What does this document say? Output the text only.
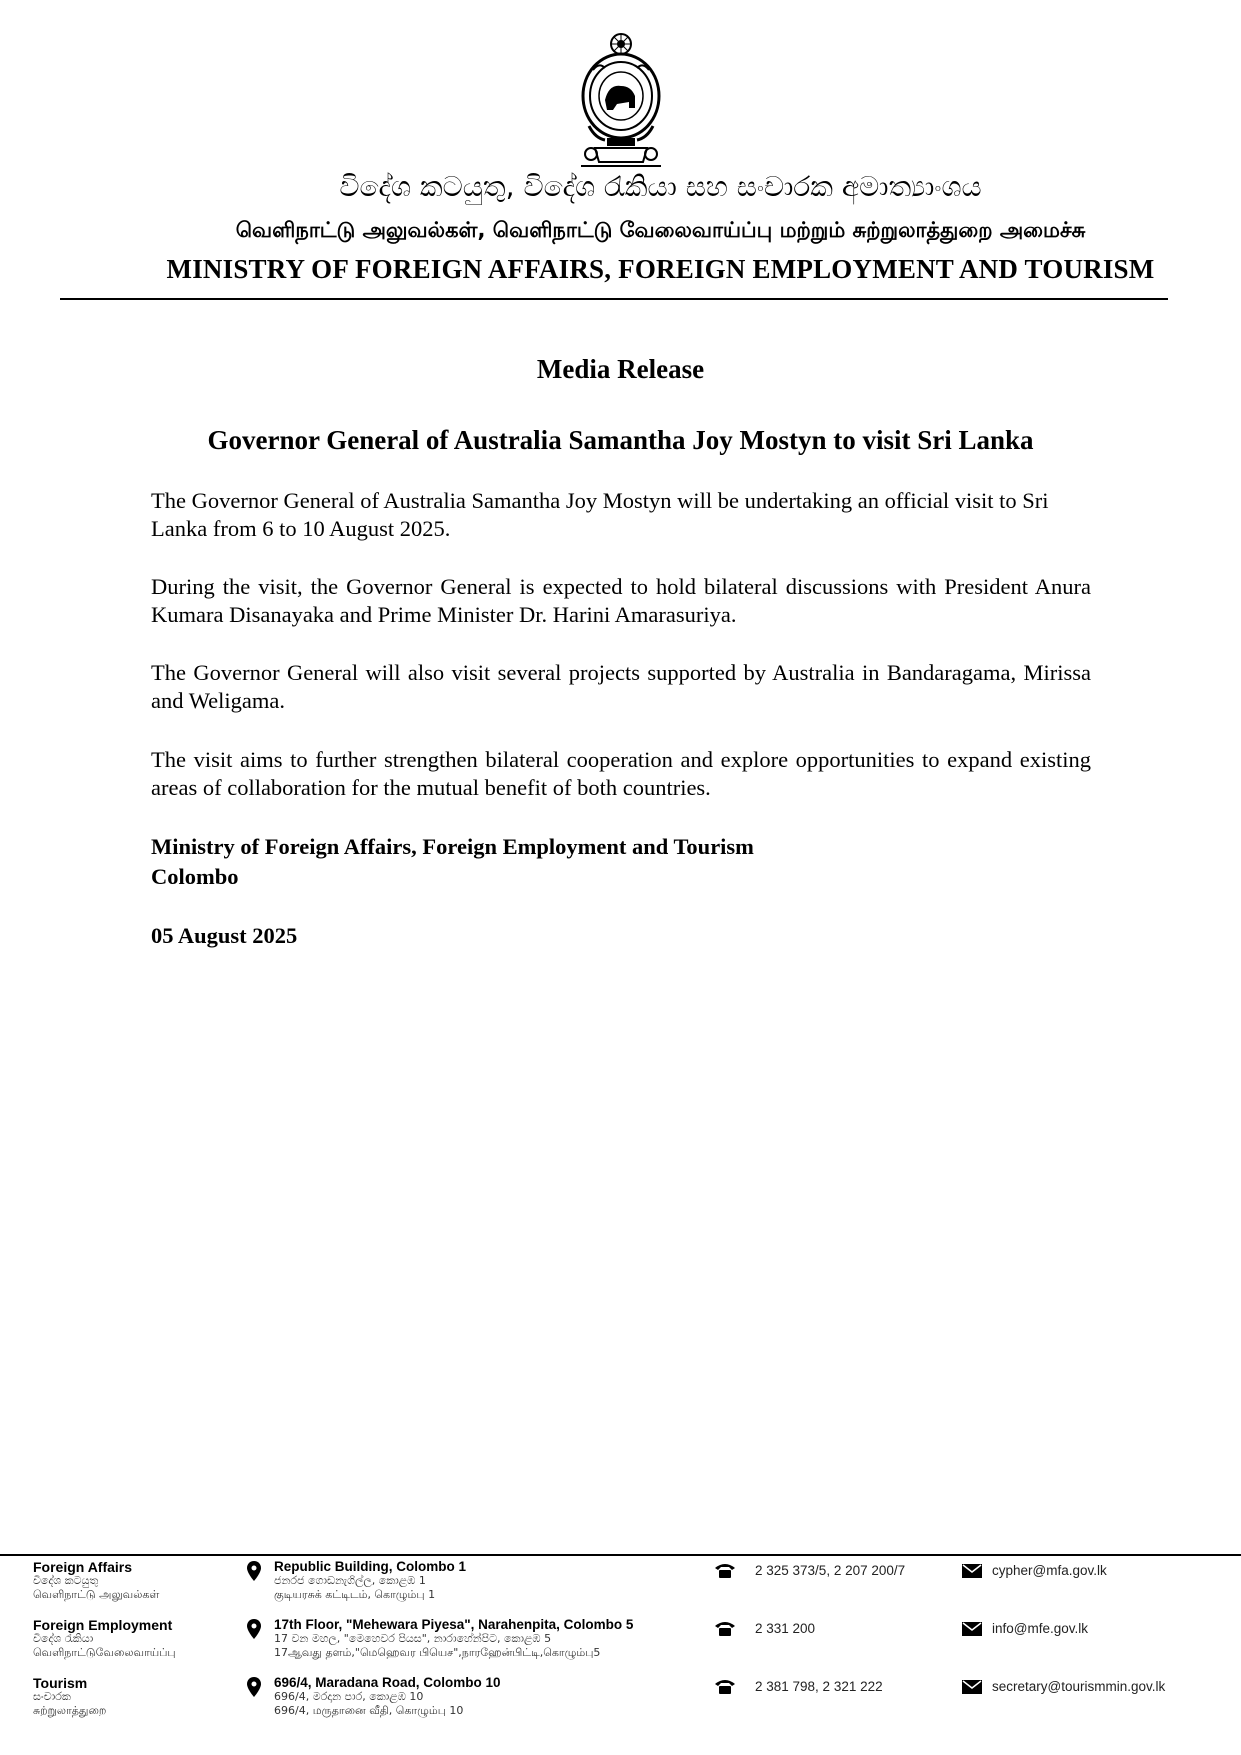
විදේශ කටයුතු, විදේශ රැකියා සහ සංචාරක අමාත්‍යාංශය
வெளிநாட்டு அலுவல்கள், வெளிநாட்டு வேலைவாய்ப்பு மற்றும் சுற்றுலாத்துறை அமைச்சு
MINISTRY OF FOREIGN AFFAIRS, FOREIGN EMPLOYMENT AND TOURISM
Media Release
Governor General of Australia Samantha Joy Mostyn to visit Sri Lanka

The Governor General of Australia Samantha Joy Mostyn will be undertaking an official visit to Sri Lanka from 6 to 10 August 2025.

During the visit, the Governor General is expected to hold bilateral discussions with President Anura Kumara Disanayaka and Prime Minister Dr. Harini Amarasuriya.

The Governor General will also visit several projects supported by Australia in Bandaragama, Mirissa and Weligama.

The visit aims to further strengthen bilateral cooperation and explore opportunities to expand existing areas of collaboration for the mutual benefit of both countries.

Ministry of Foreign Affairs, Foreign Employment and Tourism
Colombo
05 August 2025
Foreign Affairs
විදේශ කටයුතු
வெளிநாட்டு அலுவல்கள்
Republic Building, Colombo 1
ජනරජ ගොඩනැගිල්ල, කොළඹ 1
குடியரசுக் கட்டிடம், கொழும்பு 1
2 325 373/5, 2 207 200/7	cypher@mfa.gov.lk
Foreign Employment
විදේශ රැකියා
வெளிநாட்டுவேலைவாய்ப்பு
17th Floor, "Mehewara Piyesa", Narahenpita, Colombo 5
17 වන මහල, "මෙහෙවර පියස", නාරාහේන්පිට, කොළඹ 5
17ஆவது தளம்,"மெஹெவர பியெச",நாரஹேன்பிட்டி,கொழும்பு5
2 331 200	info@mfe.gov.lk
Tourism
සංචාරක
சுற்றுலாத்துறை
696/4, Maradana Road, Colombo 10
696/4, මරදාන පාර, කොළඹ 10
696/4, மருதானை வீதி, கொழும்பு 10
2 381 798, 2 321 222	secretary@tourismmin.gov.lk
